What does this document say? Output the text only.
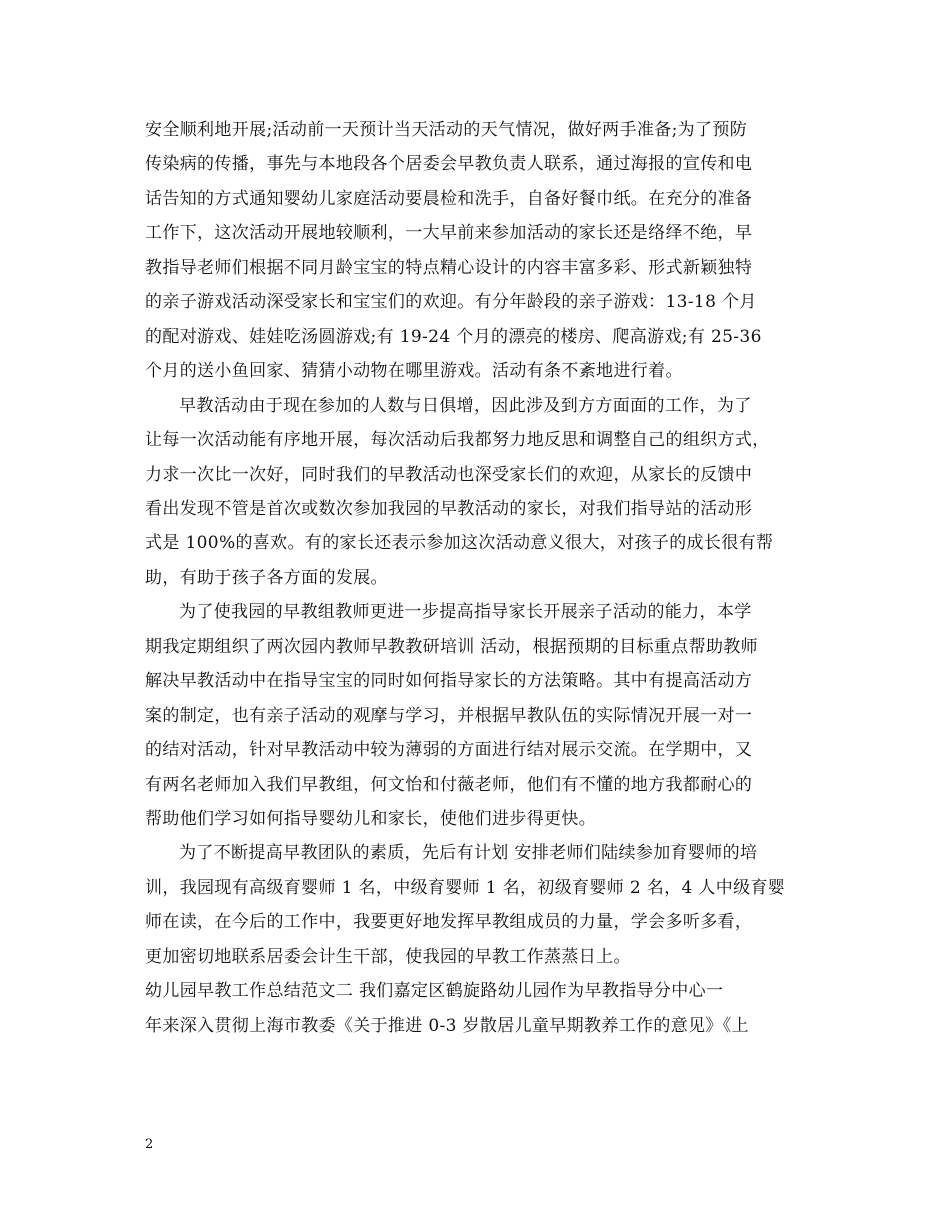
安全顺利地开展;活动前一天预计当天活动的天气情况，做好两手准备;为了预防
传染病的传播，事先与本地段各个居委会早教负责人联系，通过海报的宣传和电
话告知的方式通知婴幼儿家庭活动要晨检和洗手，自备好餐巾纸。在充分的准备
工作下，这次活动开展地较顺利，一大早前来参加活动的家长还是络绎不绝，早
教指导老师们根据不同月龄宝宝的特点精心设计的内容丰富多彩、形式新颖独特
的亲子游戏活动深受家长和宝宝们的欢迎。有分年龄段的亲子游戏：13-18 个月
的配对游戏、娃娃吃汤圆游戏;有 19-24 个月的漂亮的楼房、爬高游戏;有 25-36
个月的送小鱼回家、猜猜小动物在哪里游戏。活动有条不紊地进行着。
早教活动由于现在参加的人数与日俱增，因此涉及到方方面面的工作，为了
让每一次活动能有序地开展，每次活动后我都努力地反思和调整自己的组织方式，
力求一次比一次好，同时我们的早教活动也深受家长们的欢迎，从家长的反馈中
看出发现不管是首次或数次参加我园的早教活动的家长，对我们指导站的活动形
式是 100%的喜欢。有的家长还表示参加这次活动意义很大，对孩子的成长很有帮
助，有助于孩子各方面的发展。
为了使我园的早教组教师更进一步提高指导家长开展亲子活动的能力，本学
期我定期组织了两次园内教师早教教研培训 活动，根据预期的目标重点帮助教师
解决早教活动中在指导宝宝的同时如何指导家长的方法策略。其中有提高活动方
案的制定，也有亲子活动的观摩与学习，并根据早教队伍的实际情况开展一对一
的结对活动，针对早教活动中较为薄弱的方面进行结对展示交流。在学期中，又
有两名老师加入我们早教组，何文怡和付薇老师，他们有不懂的地方我都耐心的
帮助他们学习如何指导婴幼儿和家长，使他们进步得更快。
为了不断提高早教团队的素质，先后有计划 安排老师们陆续参加育婴师的培
训，我园现有高级育婴师 1 名，中级育婴师 1 名，初级育婴师 2 名，4 人中级育婴
师在读，在今后的工作中，我要更好地发挥早教组成员的力量，学会多听多看，
更加密切地联系居委会计生干部，使我园的早教工作蒸蒸日上。
幼儿园早教工作总结范文二 我们嘉定区鹤旋路幼儿园作为早教指导分中心一
年来深入贯彻上海市教委《关于推进 0-3 岁散居儿童早期教养工作的意见》《上
2
